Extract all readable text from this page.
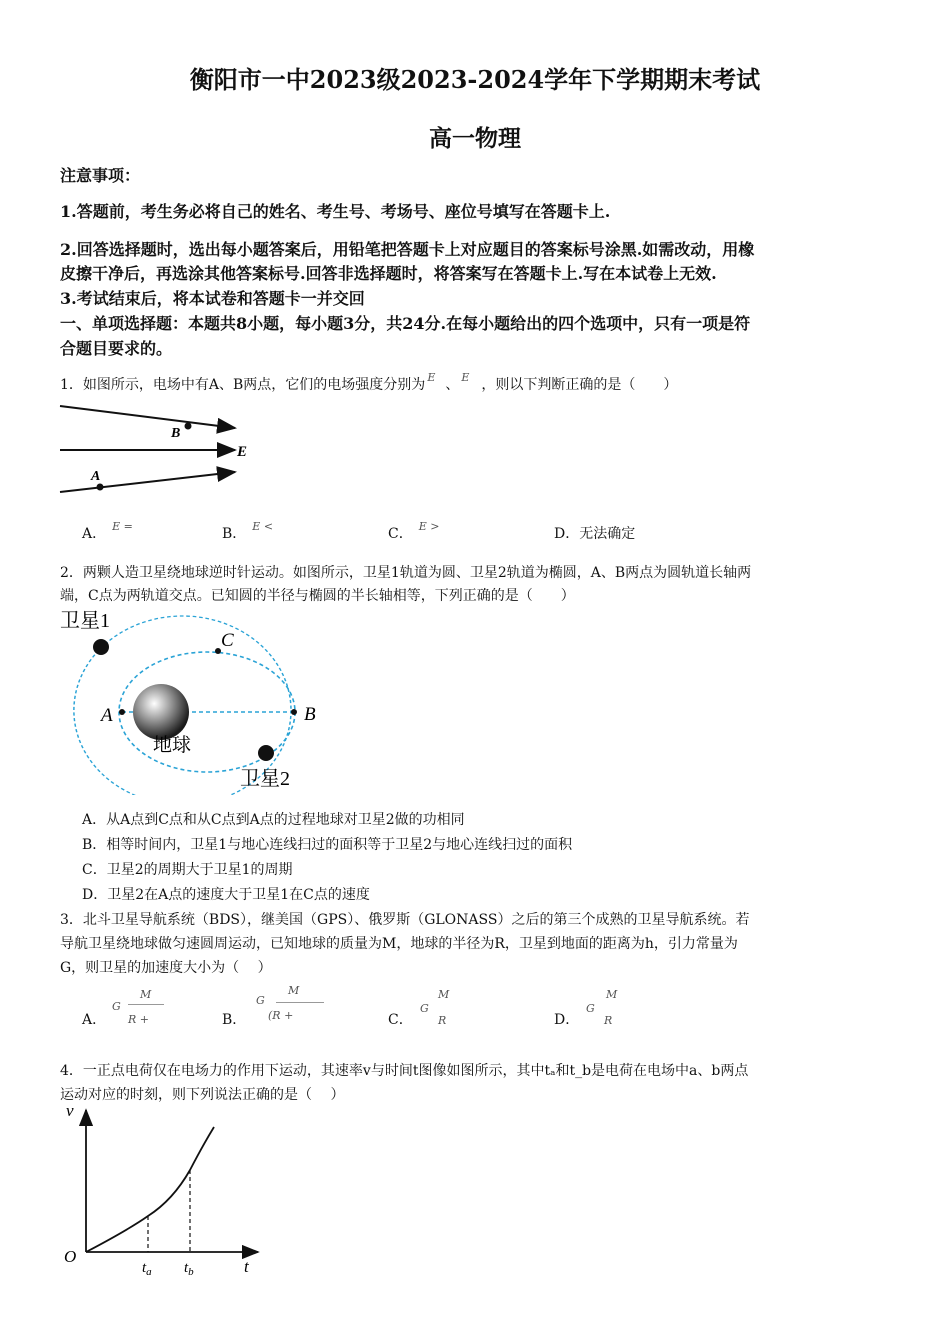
衡阳市一中2023级2023-2024学年下学期期末考试
高一物理
注意事项：
1.答题前，考生务必将自己的姓名、考生号、考场号、座位号填写在答题卡上.
2.回答选择题时，选出每小题答案后，用铅笔把答题卡上对应题目的答案标号涂黑.如需改动，用橡
皮擦干净后，再选涂其他答案标号.回答非选择题时，将答案写在答题卡上.写在本试卷上无效.
3.考试结束后，将本试卷和答题卡一并交回
一、单项选择题：本题共8小题，每小题3分，共24分.在每小题给出的四个选项中，只有一项是符
合题目要求的。
1．如图所示，电场中有A、B两点，它们的电场强度分别为 $^E$ 、 $^E$ ，则以下判断正确的是（　　）
B
A
E
A． $^{E =}$	B． $^{E <}$	C． $^{E >}$	D．无法确定
2．两颗人造卫星绕地球逆时针运动。如图所示，卫星1轨道为圆、卫星2轨道为椭圆，A、B两点为圆轨道长轴两
端，C点为两轨道交点。已知圆的半径与椭圆的半长轴相等，下列正确的是（　　）
卫星1
卫星2
地球
A	B
C
A．从A点到C点和从C点到A点的过程地球对卫星2做的功相同
B．相等时间内，卫星1与地心连线扫过的面积等于卫星2与地心连线扫过的面积
C．卫星2的周期大于卫星1的周期
D．卫星2在A点的速度大于卫星1在C点的速度
3．北斗卫星导航系统（BDS），继美国（GPS）、俄罗斯（GLONASS）之后的第三个成熟的卫星导航系统。若
导航卫星绕地球做匀速圆周运动，已知地球的质量为M，地球的半径为R，卫星到地面的距离为h，引力常量为
G，则卫星的加速度大小为（　 ）
A．
G
M
R +	B．
G
M
(R +	C．
G
M
R	D．
G
M
R
4．一正点电荷仅在电场力的作用下运动，其速率v与时间t图像如图所示，其中tₐ和t_b是电荷在电场中a、b两点
运动对应的时刻，则下列说法正确的是（　 ）
v
t
O
$t_a$ $t_b$
